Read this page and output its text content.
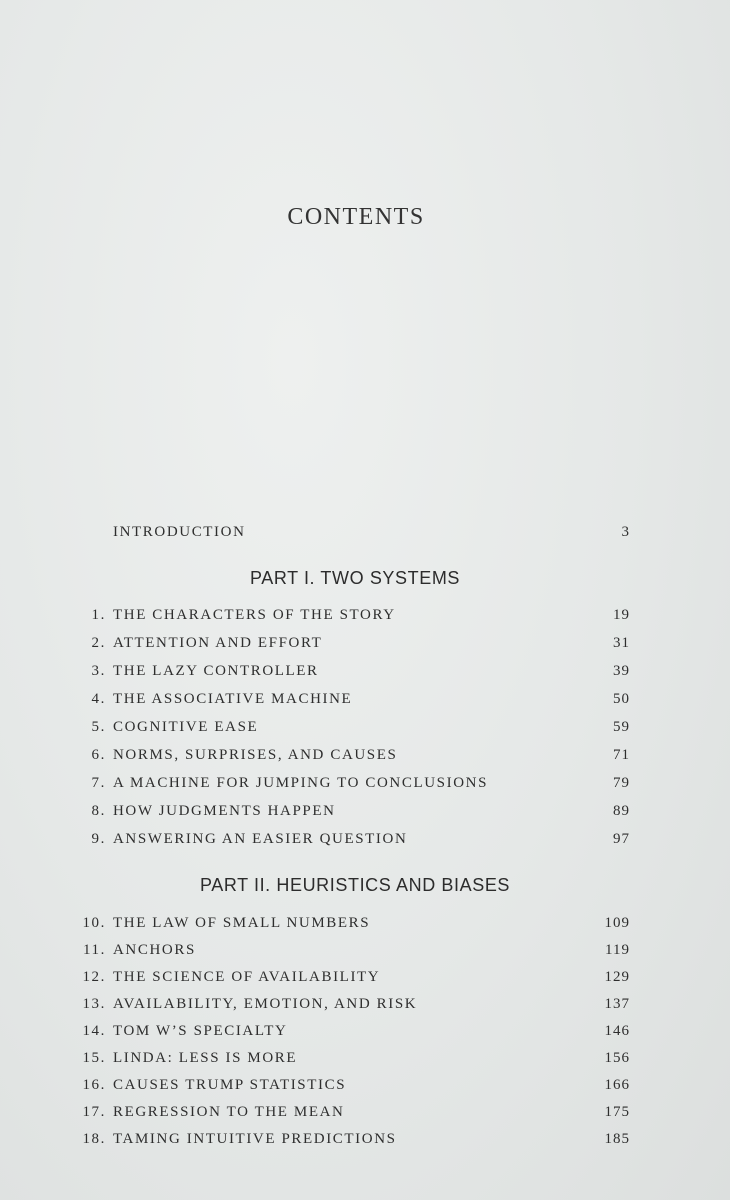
CONTENTS
INTRODUCTION	3
PART I. TWO SYSTEMS
1. THE CHARACTERS OF THE STORY	19
2. ATTENTION AND EFFORT	31
3. THE LAZY CONTROLLER	39
4. THE ASSOCIATIVE MACHINE	50
5. COGNITIVE EASE	59
6. NORMS, SURPRISES, AND CAUSES	71
7. A MACHINE FOR JUMPING TO CONCLUSIONS	79
8. HOW JUDGMENTS HAPPEN	89
9. ANSWERING AN EASIER QUESTION	97
PART II. HEURISTICS AND BIASES
10. THE LAW OF SMALL NUMBERS	109
11. ANCHORS	119
12. THE SCIENCE OF AVAILABILITY	129
13. AVAILABILITY, EMOTION, AND RISK	137
14. TOM W’S SPECIALTY	146
15. LINDA: LESS IS MORE	156
16. CAUSES TRUMP STATISTICS	166
17. REGRESSION TO THE MEAN	175
18. TAMING INTUITIVE PREDICTIONS	185
